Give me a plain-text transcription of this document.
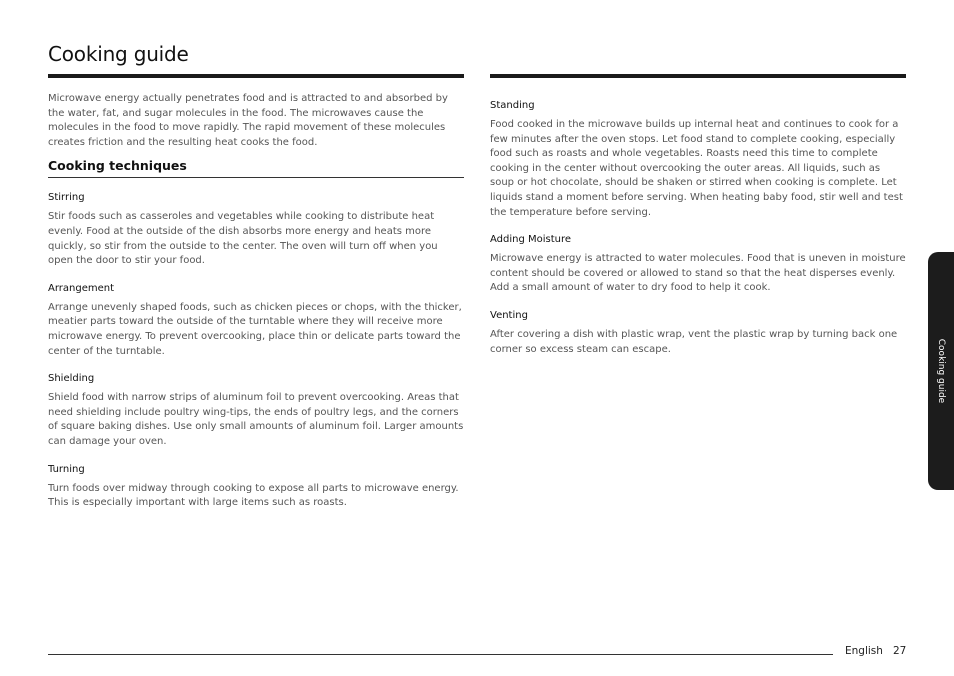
Cooking guide

Microwave energy actually penetrates food and is attracted to and absorbed by the water, fat, and sugar molecules in the food. The microwaves cause the molecules in the food to move rapidly. The rapid movement of these molecules creates friction and the resulting heat cooks the food.

Cooking techniques
Stirring

Stir foods such as casseroles and vegetables while cooking to distribute heat evenly. Food at the outside of the dish absorbs more energy and heats more quickly, so stir from the outside to the center. The oven will turn off when you open the door to stir your food.

Arrangement

Arrange unevenly shaped foods, such as chicken pieces or chops, with the thicker, meatier parts toward the outside of the turntable where they will receive more microwave energy. To prevent overcooking, place thin or delicate parts toward the center of the turntable.

Shielding

Shield food with narrow strips of aluminum foil to prevent overcooking. Areas that need shielding include poultry wing-tips, the ends of poultry legs, and the corners of square baking dishes. Use only small amounts of aluminum foil. Larger amounts can damage your oven.

Turning

Turn foods over midway through cooking to expose all parts to microwave energy. This is especially important with large items such as roasts.

Standing

Food cooked in the microwave builds up internal heat and continues to cook for a few minutes after the oven stops. Let food stand to complete cooking, especially food such as roasts and whole vegetables. Roasts need this time to complete cooking in the center without overcooking the outer areas. All liquids, such as soup or hot chocolate, should be shaken or stirred when cooking is complete. Let liquids stand a moment before serving. When heating baby food, stir well and test the temperature before serving.

Adding Moisture

Microwave energy is attracted to water molecules. Food that is uneven in moisture content should be covered or allowed to stand so that the heat disperses evenly. Add a small amount of water to dry food to help it cook.

Venting

After covering a dish with plastic wrap, vent the plastic wrap by turning back one corner so excess steam can escape.	Cooking guide
English 27
